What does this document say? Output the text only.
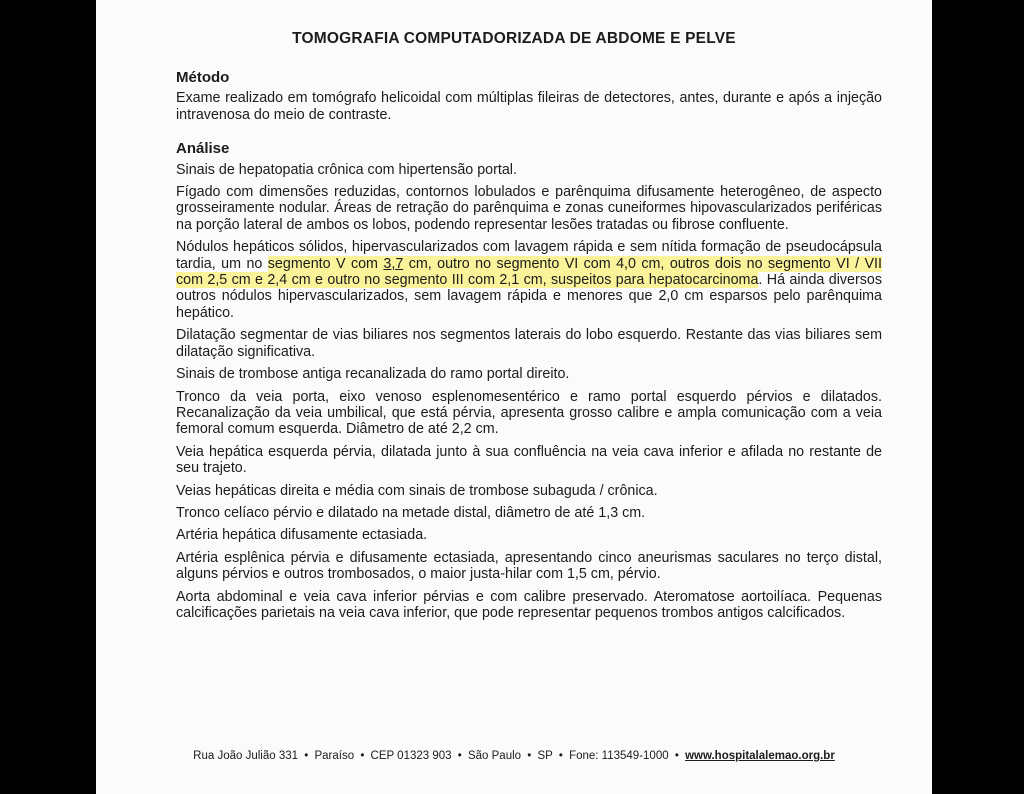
TOMOGRAFIA COMPUTADORIZADA DE ABDOME E PELVE
Método

Exame realizado em tomógrafo helicoidal com múltiplas fileiras de detectores, antes, durante e após a injeção intravenosa do meio de contraste.

Análise

Sinais de hepatopatia crônica com hipertensão portal.

Fígado com dimensões reduzidas, contornos lobulados e parênquima difusamente heterogêneo, de aspecto grosseiramente nodular. Áreas de retração do parênquima e zonas cuneiformes hipovascularizados periféricas na porção lateral de ambos os lobos, podendo representar lesões tratadas ou fibrose confluente.

Nódulos hepáticos sólidos, hipervascularizados com lavagem rápida e sem nítida formação de pseudocápsula tardia, um no segmento V com 3,7 cm, outro no segmento VI com 4,0 cm, outros dois no segmento VI / VII com 2,5 cm e 2,4 cm e outro no segmento III com 2,1 cm, suspeitos para hepatocarcinoma. Há ainda diversos outros nódulos hipervascularizados, sem lavagem rápida e menores que 2,0 cm esparsos pelo parênquima hepático.

Dilatação segmentar de vias biliares nos segmentos laterais do lobo esquerdo. Restante das vias biliares sem dilatação significativa.

Sinais de trombose antiga recanalizada do ramo portal direito.

Tronco da veia porta, eixo venoso esplenomesentérico e ramo portal esquerdo pérvios e dilatados. Recanalização da veia umbilical, que está pérvia, apresenta grosso calibre e ampla comunicação com a veia femoral comum esquerda. Diâmetro de até 2,2 cm.

Veia hepática esquerda pérvia, dilatada junto à sua confluência na veia cava inferior e afilada no restante de seu trajeto.

Veias hepáticas direita e média com sinais de trombose subaguda / crônica.

Tronco celíaco pérvio e dilatado na metade distal, diâmetro de até 1,3 cm.

Artéria hepática difusamente ectasiada.

Artéria esplênica pérvia e difusamente ectasiada, apresentando cinco aneurismas saculares no terço distal, alguns pérvios e outros trombosados, o maior justa-hilar com 1,5 cm, pérvio.

Aorta abdominal e veia cava inferior pérvias e com calibre preservado. Ateromatose aortoilíaca. Pequenas calcificações parietais na veia cava inferior, que pode representar pequenos trombos antigos calcificados.

Rua João Julião 331 • Paraíso • CEP 01323 903 • São Paulo • SP • Fone: 113549-1000 • www.hospitalalemao.org.br
